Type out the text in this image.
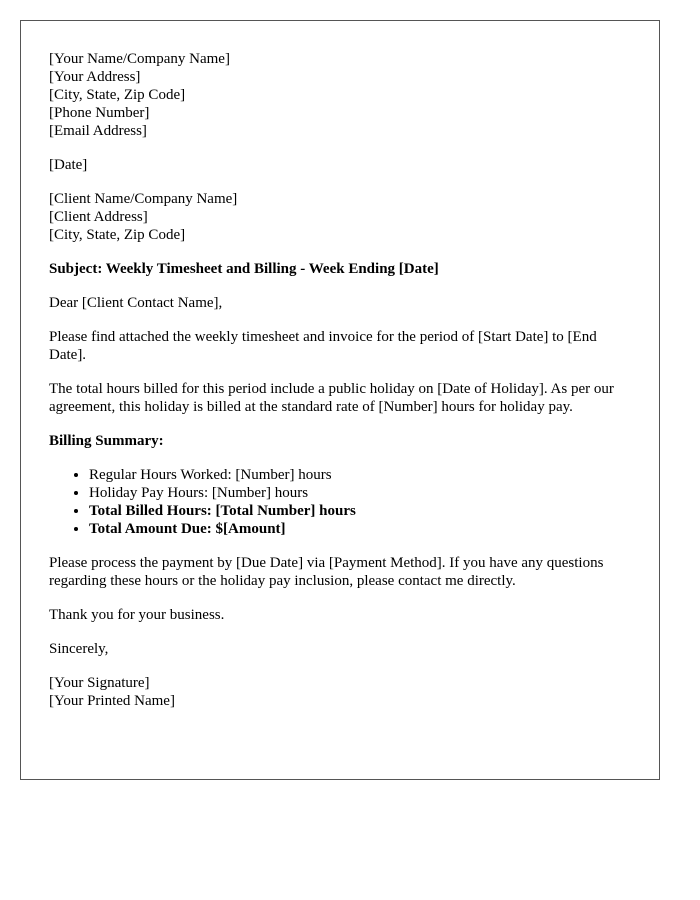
[Your Name/Company Name]
[Your Address]
[City, State, Zip Code]
[Phone Number]
[Email Address]

[Date]

[Client Name/Company Name]
[Client Address]
[City, State, Zip Code]

Subject: Weekly Timesheet and Billing - Week Ending [Date]

Dear [Client Contact Name],

Please find attached the weekly timesheet and invoice for the period of [Start Date] to [End Date].

The total hours billed for this period include a public holiday on [Date of Holiday]. As per our agreement, this holiday is billed at the standard rate of [Number] hours for holiday pay.

Billing Summary:

• Regular Hours Worked: [Number] hours
• Holiday Pay Hours: [Number] hours
• Total Billed Hours: [Total Number] hours
• Total Amount Due: $[Amount]

Please process the payment by [Due Date] via [Payment Method]. If you have any questions regarding these hours or the holiday pay inclusion, please contact me directly.

Thank you for your business.

Sincerely,

[Your Signature]
[Your Printed Name]
